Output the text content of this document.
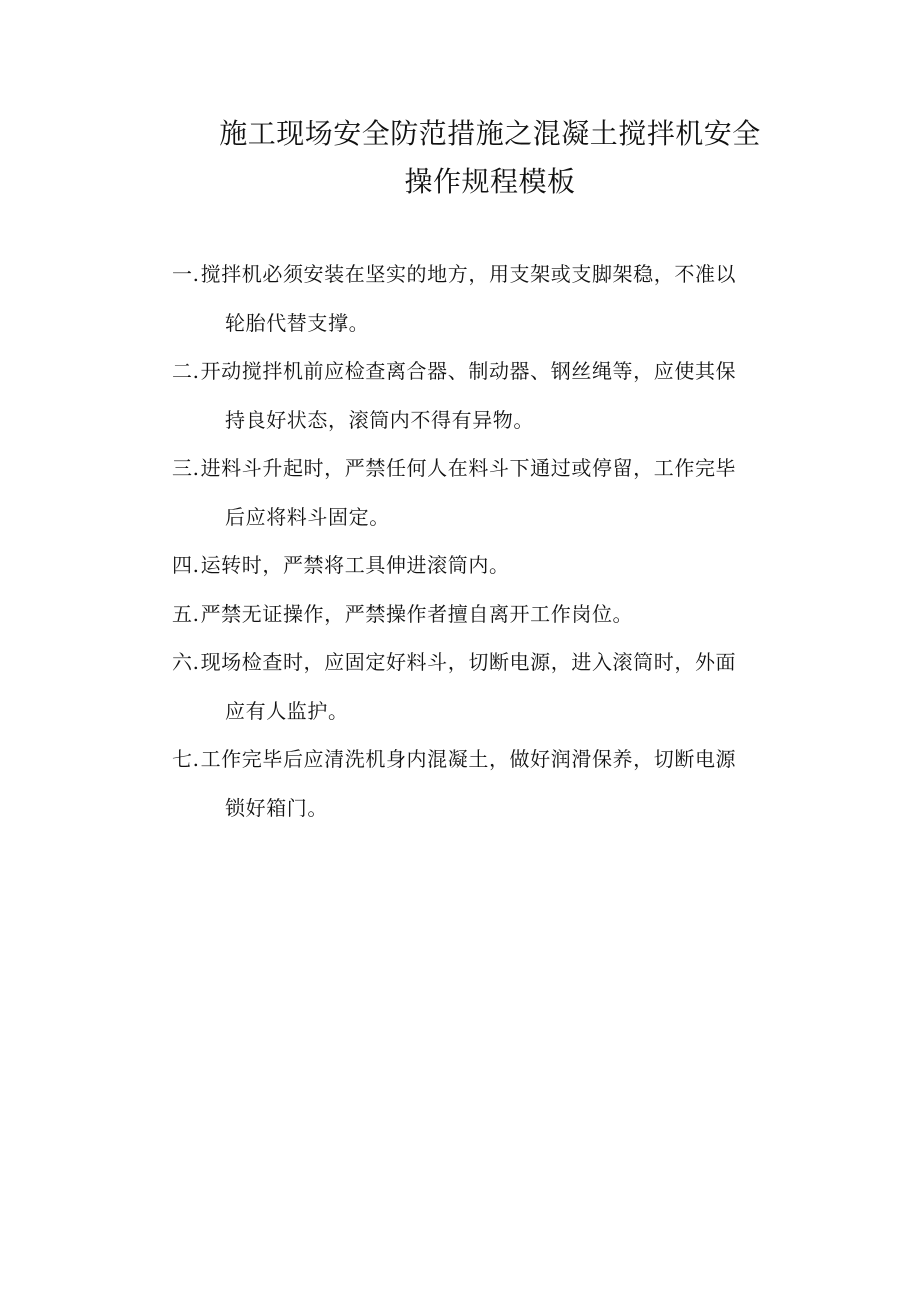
施工现场安全防范措施之混凝土搅拌机安全
操作规程模板
一.搅拌机必须安装在坚实的地方，用支架或支脚架稳，不准以
轮胎代替支撑。
二.开动搅拌机前应检查离合器、制动器、钢丝绳等，应使其保
持良好状态，滚筒内不得有异物。
三.进料斗升起时，严禁任何人在料斗下通过或停留，工作完毕
后应将料斗固定。
四.运转时，严禁将工具伸进滚筒内。
五.严禁无证操作，严禁操作者擅自离开工作岗位。
六.现场检查时，应固定好料斗，切断电源，进入滚筒时，外面
应有人监护。
七.工作完毕后应清洗机身内混凝土，做好润滑保养，切断电源
锁好箱门。
